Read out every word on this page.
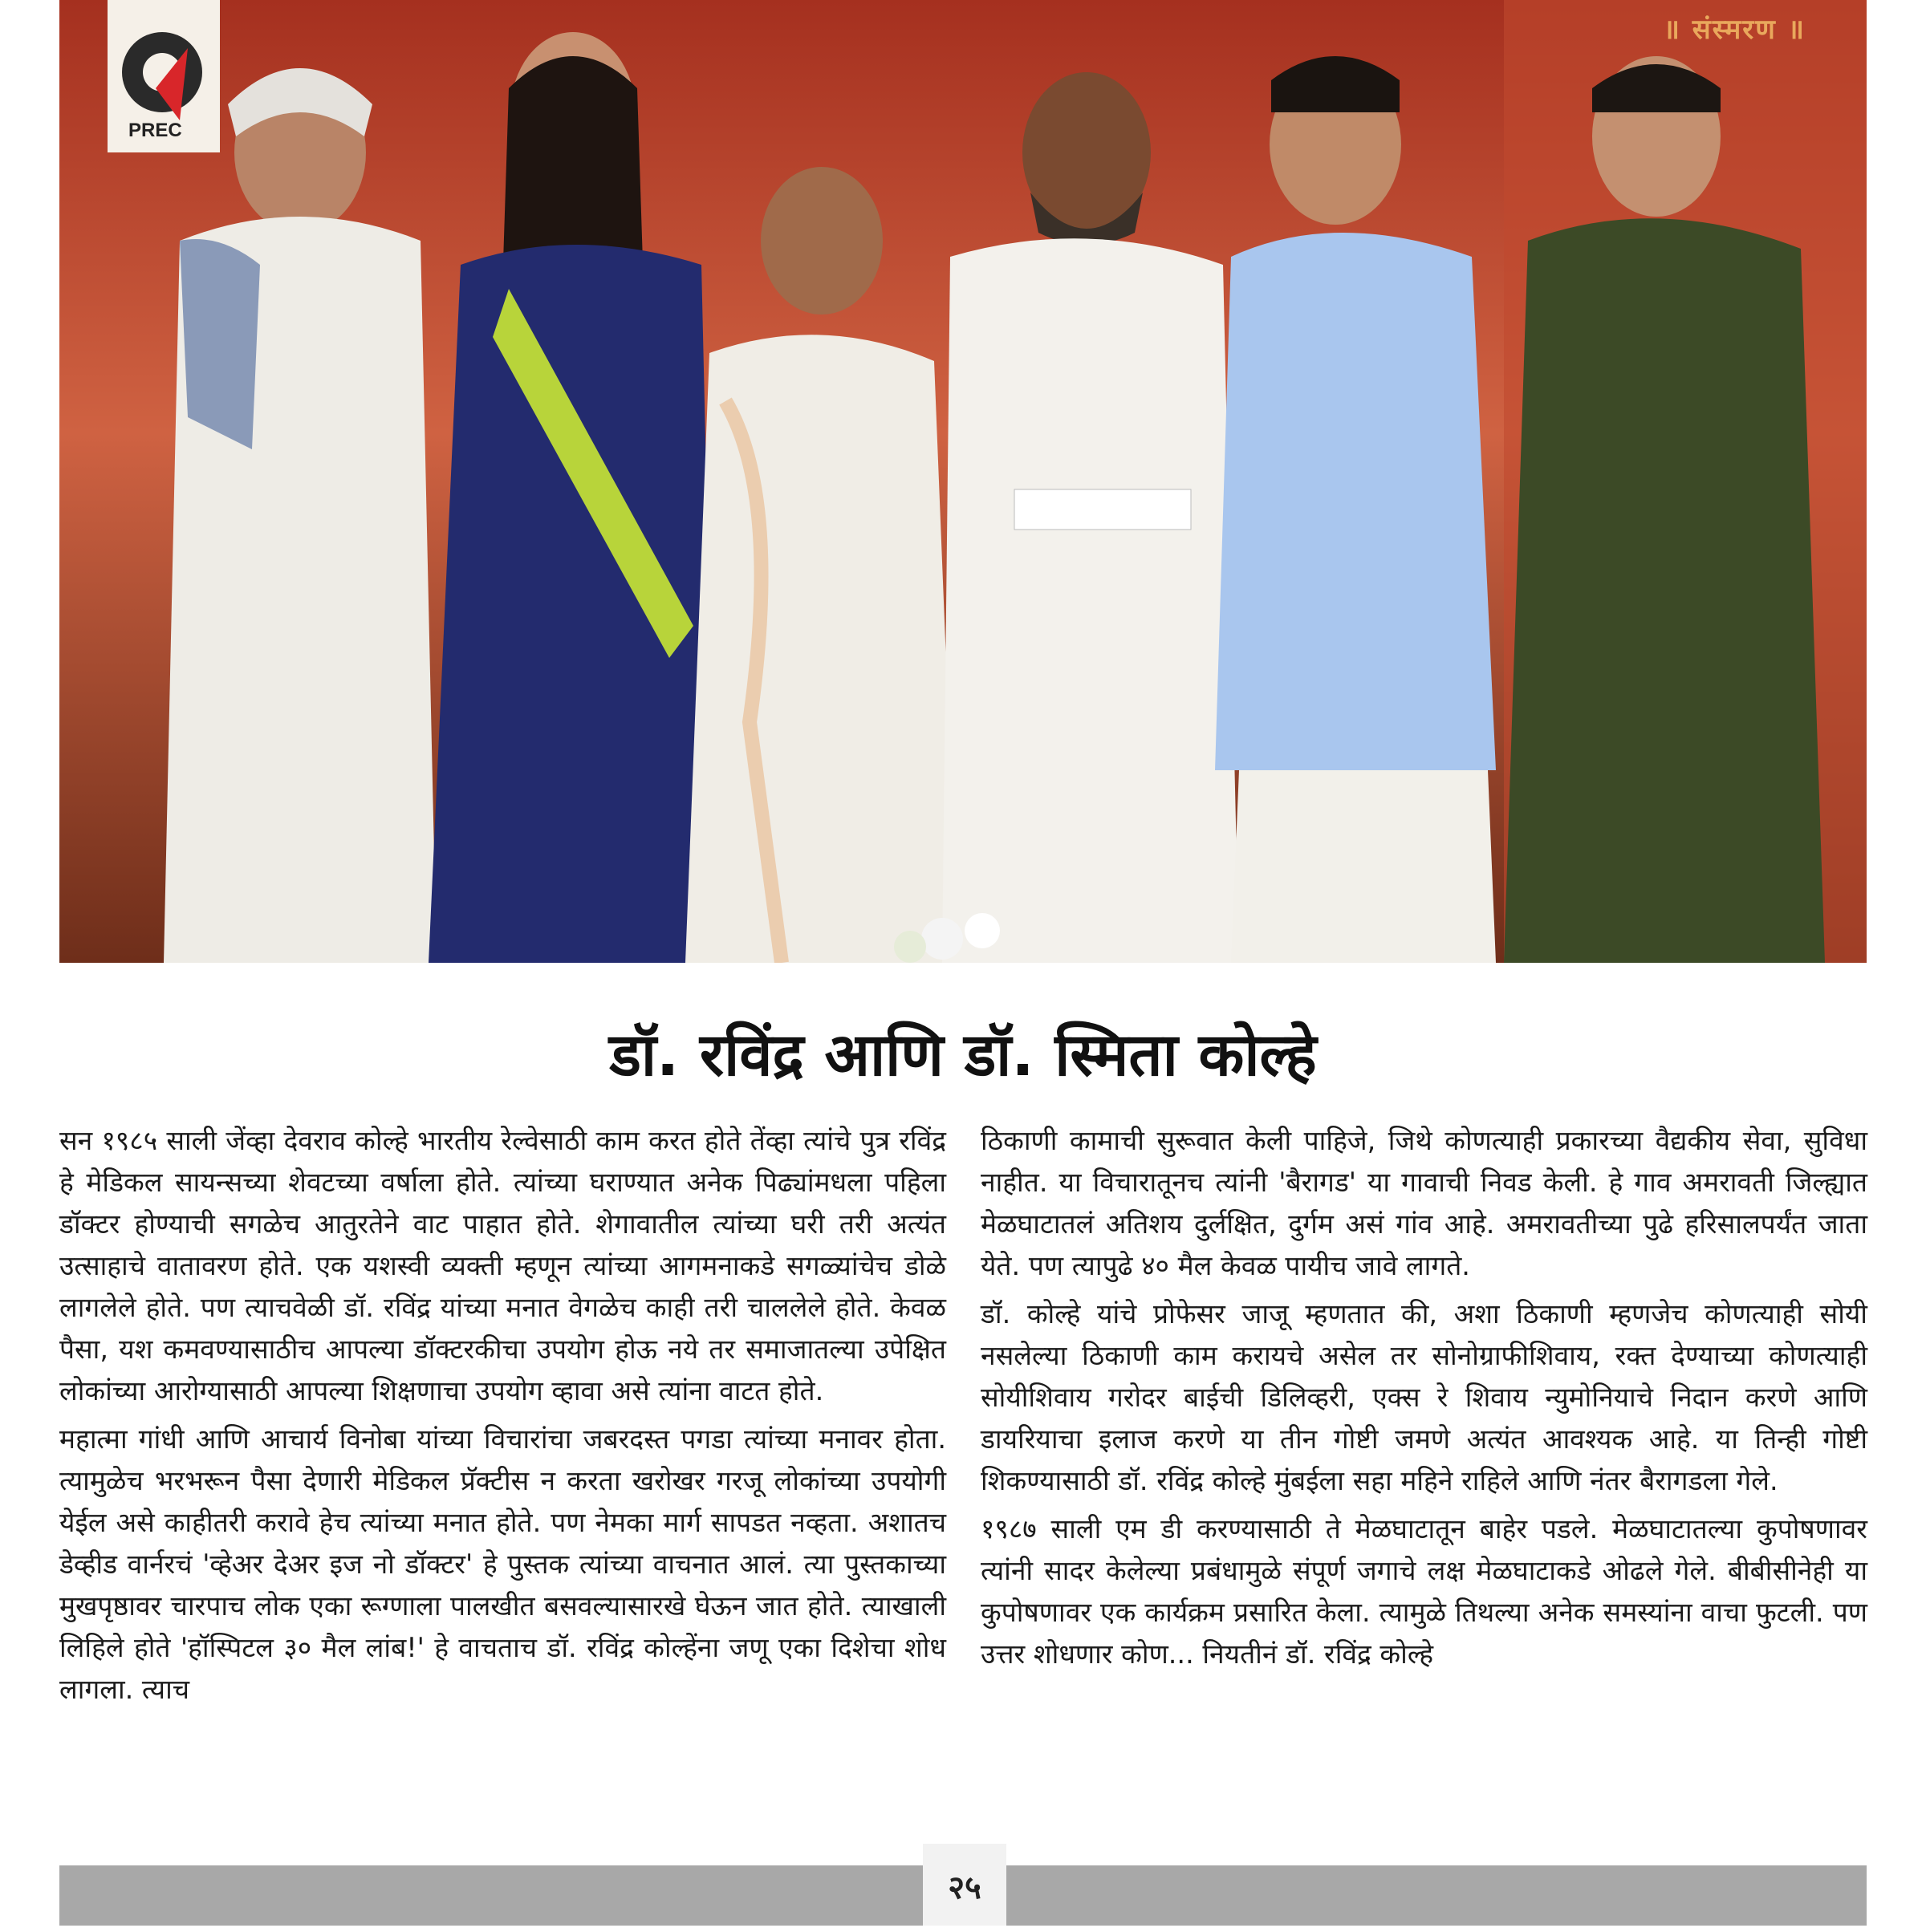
PREC
॥ संस्मरण ॥
डॉ. रविंद्र आणि डॉ. स्मिता कोल्हे

सन १९८५ साली जेंव्हा देवराव कोल्हे भारतीय रेल्वेसाठी काम करत होते तेंव्हा त्यांचे पुत्र रविंद्र हे मेडिकल सायन्सच्या शेवटच्या वर्षाला होते. त्यांच्या घराण्यात अनेक पिढ्यांमधला पहिला डॉक्टर होण्याची सगळेच आतुरतेने वाट पाहात होते. शेगावातील त्यांच्या घरी तरी अत्यंत उत्साहाचे वातावरण होते. एक यशस्वी व्यक्ती म्हणून त्यांच्या आगमनाकडे सगळ्यांचेच डोळे लागलेले होते. पण त्याचवेळी डॉ. रविंद्र यांच्या मनात वेगळेच काही तरी चाललेले होते. केवळ पैसा, यश कमवण्यासाठीच आपल्या डॉक्टरकीचा उपयोग होऊ नये तर समाजातल्या उपेक्षित लोकांच्या आरोग्यासाठी आपल्या शिक्षणाचा उपयोग व्हावा असे त्यांना वाटत होते.

महात्मा गांधी आणि आचार्य विनोबा यांच्या विचारांचा जबरदस्त पगडा त्यांच्या मनावर होता. त्यामुळेच भरभरून पैसा देणारी मेडिकल प्रॅक्टीस न करता खरोखर गरजू लोकांच्या उपयोगी येईल असे काहीतरी करावे हेच त्यांच्या मनात होते. पण नेमका मार्ग सापडत नव्हता. अशातच डेव्हीड वार्नरचं 'व्हेअर देअर इज नो डॉक्टर' हे पुस्तक त्यांच्या वाचनात आलं. त्या पुस्तकाच्या मुखपृष्ठावर चारपाच लोक एका रूग्णाला पालखीत बसवल्यासारखे घेऊन जात होते. त्याखाली लिहिले होते 'हॉस्पिटल ३० मैल लांब!' हे वाचताच डॉ. रविंद्र कोल्हेंना जणू एका दिशेचा शोध लागला. त्याच

ठिकाणी कामाची सुरूवात केली पाहिजे, जिथे कोणत्याही प्रकारच्या वैद्यकीय सेवा, सुविधा नाहीत. या विचारातूनच त्यांनी 'बैरागड' या गावाची निवड केली. हे गाव अमरावती जिल्ह्यात मेळघाटातलं अतिशय दुर्लक्षित, दुर्गम असं गांव आहे. अमरावतीच्या पुढे हरिसालपर्यंत जाता येते. पण त्यापुढे ४० मैल केवळ पायीच जावे लागते.

डॉ. कोल्हे यांचे प्रोफेसर जाजू म्हणतात की, अशा ठिकाणी म्हणजेच कोणत्याही सोयी नसलेल्या ठिकाणी काम करायचे असेल तर सोनोग्राफीशिवाय, रक्त देण्याच्या कोणत्याही सोयीशिवाय गरोदर बाईची डिलिव्हरी, एक्स रे शिवाय न्युमोनियाचे निदान करणे आणि डायरियाचा इलाज करणे या तीन गोष्टी जमणे अत्यंत आवश्यक आहे. या तिन्ही गोष्टी शिकण्यासाठी डॉ. रविंद्र कोल्हे मुंबईला सहा महिने राहिले आणि नंतर बैरागडला गेले.

१९८७ साली एम डी करण्यासाठी ते मेळघाटातून बाहेर पडले. मेळघाटातल्या कुपोषणावर त्यांनी सादर केलेल्या प्रबंधामुळे संपूर्ण जगाचे लक्ष मेळघाटाकडे ओढले गेले. बीबीसीनेही या कुपोषणावर एक कार्यक्रम प्रसारित केला. त्यामुळे तिथल्या अनेक समस्यांना वाचा फुटली. पण उत्तर शोधणार कोण... नियतीनं डॉ. रविंद्र कोल्हे

२५
